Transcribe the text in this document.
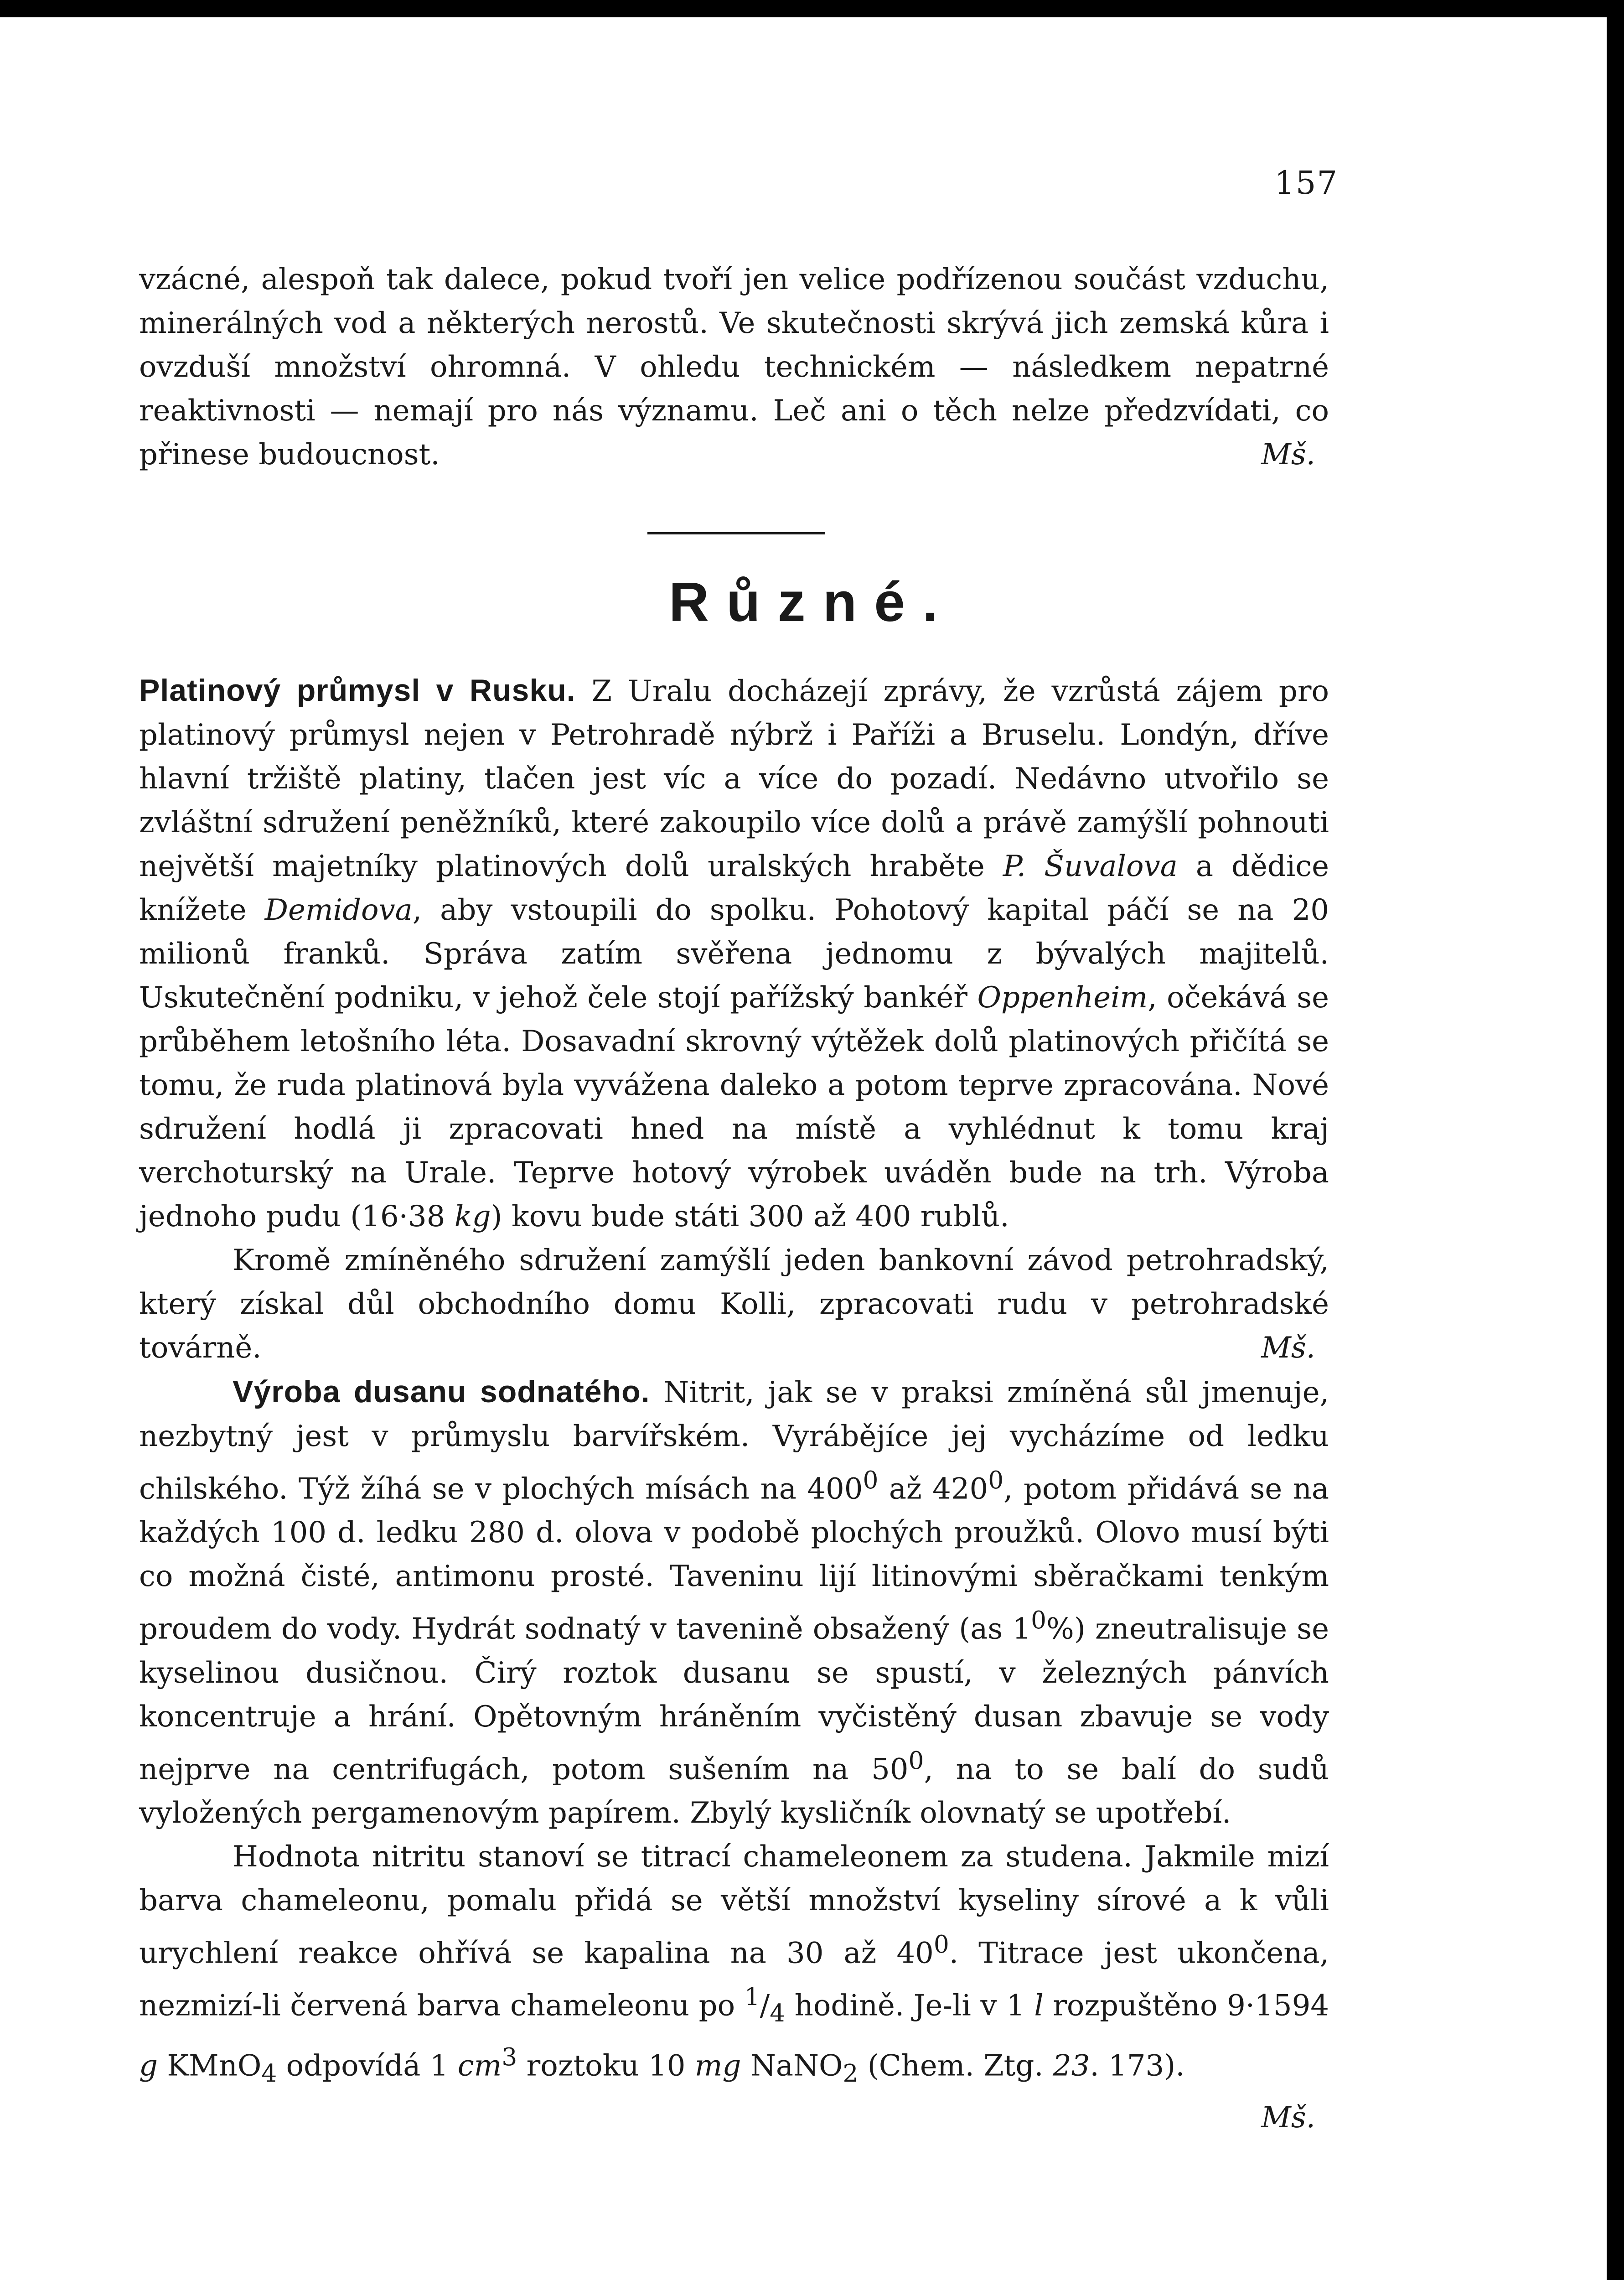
157

vzácné, alespoň tak dalece, pokud tvoří jen velice podřízenou součást vzduchu, minerálných vod a některých nerostů. Ve skutečnosti skrývá jich zemská kůra i ovzduší množství ohromná. V ohledu technickém — následkem nepatrné reaktivnosti — nemají pro nás významu. Leč ani o těch nelze předzvídati, co přinese budoucnost.	Mš.

Různé.

Platinový průmysl v Rusku. Z Uralu docházejí zprávy, že vzrůstá zájem pro platinový průmysl nejen v Petrohradě nýbrž i Paříži a Bruselu. Londýn, dříve hlavní tržiště platiny, tlačen jest víc a více do pozadí. Nedávno utvořilo se zvláštní sdružení peněžníků, které zakoupilo více dolů a právě zamýšlí pohnouti největší majetníky platinových dolů uralských hraběte P. Šuvalova a dědice knížete Demidova, aby vstoupili do spolku. Pohotový kapital páčí se na 20 milionů franků. Správa zatím svěřena jednomu z bývalých majitelů. Uskutečnění podniku, v jehož čele stojí pařížský bankéř Oppenheim, očekává se průběhem letošního léta. Dosavadní skrovný výtěžek dolů platinových přičítá se tomu, že ruda platinová byla vyvážena daleko a potom teprve zpracována. Nové sdružení hodlá ji zpracovati hned na místě a vyhlédnut k tomu kraj verchoturský na Urale. Teprve hotový výrobek uváděn bude na trh. Výroba jednoho pudu (16·38 kg) kovu bude státi 300 až 400 rublů.

Kromě zmíněného sdružení zamýšlí jeden bankovní závod petrohradský, který získal důl obchodního domu Kolli, zpracovati rudu v petrohradské továrně.	Mš.

Výroba dusanu sodnatého. Nitrit, jak se v praksi zmíněná sůl jmenuje, nezbytný jest v průmyslu barvířském. Vyrábějíce jej vycházíme od ledku chilského. Týž žíhá se v plochých mísách na $400^0$ až $420^0$, potom přidává se na každých 100 d. ledku 280 d. olova v podobě plochých proužků. Olovo musí býti co možná čisté, antimonu prosté. Taveninu lijí litinovými sběračkami tenkým proudem do vody. Hydrát sodnatý v tavenině obsažený (as $1^0\%$) zneutralisuje se kyselinou dusičnou. Čirý roztok dusanu se spustí, v železných pánvích koncentruje a hrání. Opětovným hráněním vyčistěný dusan zbavuje se vody nejprve na centrifugách, potom sušením na $50^0$, na to se balí do sudů vyložených pergamenovým papírem. Zbylý kysličník olovnatý se upotřebí.

Hodnota nitritu stanoví se titrací chameleonem za studena. Jakmile mizí barva chameleonu, pomalu přidá se větší množství kyseliny sírové a k vůli urychlení reakce ohřívá se kapalina na 30 až $40^0$. Titrace jest ukončena, nezmizí-li červená barva chameleonu po $^1/_4$ hodině. Je-li v 1 l rozpuštěno 9·1594 g KMnO$_4$ odpovídá 1 $cm^3$ roztoku 10 mg NaNO$_2$ (Chem. Ztg. 23. 173).
Mš.
